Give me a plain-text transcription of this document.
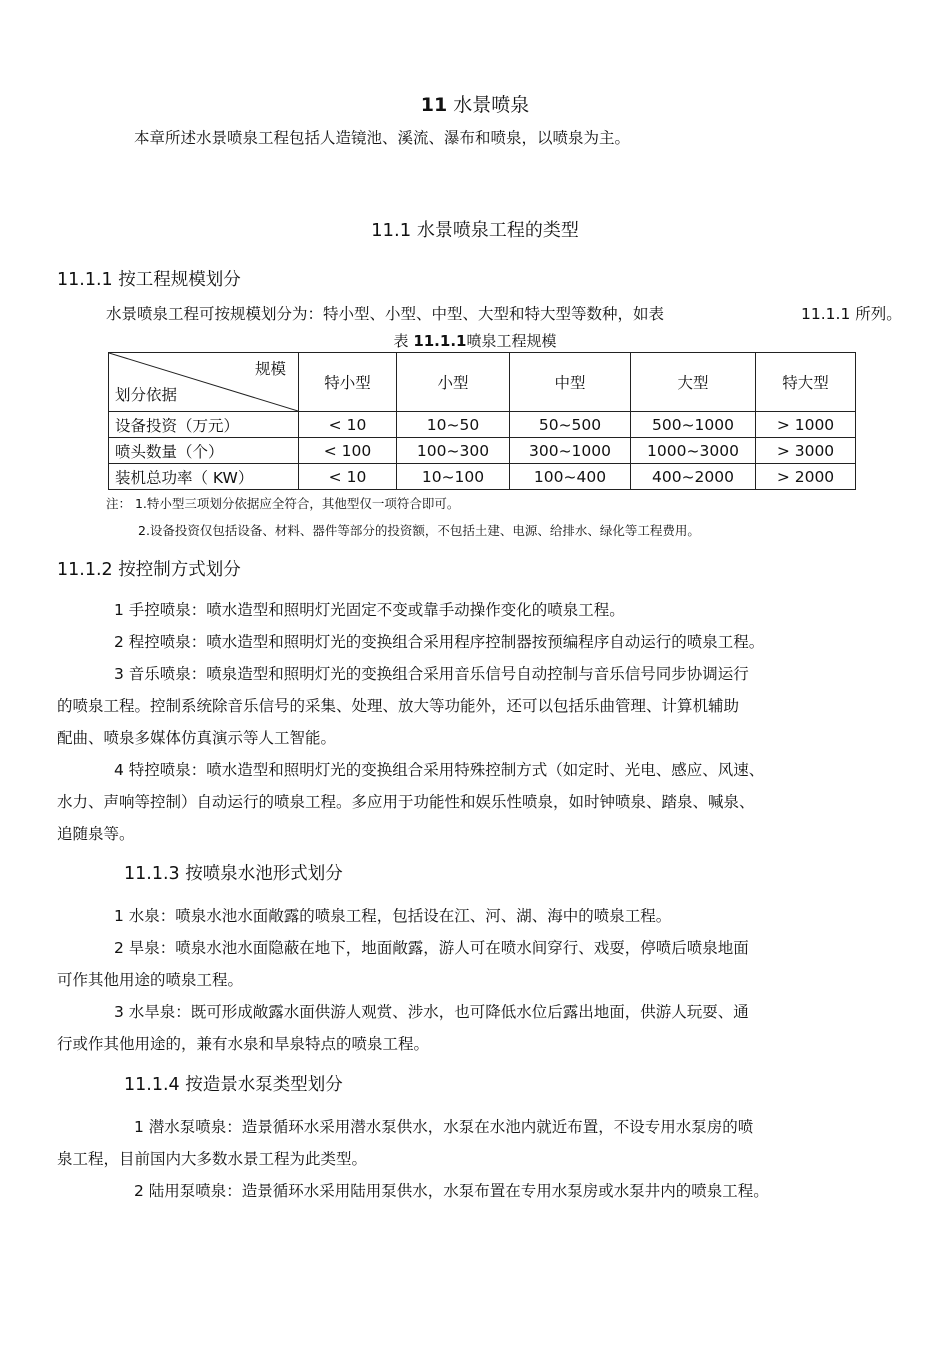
11 水景喷泉
本章所述水景喷泉工程包括人造镜池、溪流、瀑布和喷泉，以喷泉为主。
11.1 水景喷泉工程的类型
11.1.1 按工程规模划分
水景喷泉工程可按规模划分为：特小型、小型、中型、大型和特大型等数种，如表	11.1.1 所列。
表 11.1.1喷泉工程规模
规模
划分依据	特小型	小型	中型	大型	特大型
设备投资（万元）	< 10	10~50	50~500	500~1000	> 1000
喷头数量（个）	< 100	100~300	300~1000	1000~3000	> 3000
装机总功率（ KW）	< 10	10~100	100~400	400~2000	> 2000
注： 1.特小型三项划分依据应全符合，其他型仅一项符合即可。
2.设备投资仅包括设备、材料、器件等部分的投资额，不包括土建、电源、给排水、绿化等工程费用。
11.1.2 按控制方式划分
1 手控喷泉：喷水造型和照明灯光固定不变或靠手动操作变化的喷泉工程。
2 程控喷泉：喷水造型和照明灯光的变换组合采用程序控制器按预编程序自动运行的喷泉工程。
3 音乐喷泉：喷泉造型和照明灯光的变换组合采用音乐信号自动控制与音乐信号同步协调运行
的喷泉工程。控制系统除音乐信号的采集、处理、放大等功能外，还可以包括乐曲管理、计算机辅助
配曲、喷泉多媒体仿真演示等人工智能。
4 特控喷泉：喷水造型和照明灯光的变换组合采用特殊控制方式（如定时、光电、感应、风速、
水力、声响等控制）自动运行的喷泉工程。多应用于功能性和娱乐性喷泉，如时钟喷泉、踏泉、喊泉、
追随泉等。
11.1.3 按喷泉水池形式划分
1 水泉：喷泉水池水面敞露的喷泉工程，包括设在江、河、湖、海中的喷泉工程。
2 旱泉：喷泉水池水面隐蔽在地下，地面敞露，游人可在喷水间穿行、戏耍，停喷后喷泉地面
可作其他用途的喷泉工程。
3 水旱泉：既可形成敞露水面供游人观赏、涉水，也可降低水位后露出地面，供游人玩耍、通
行或作其他用途的，兼有水泉和旱泉特点的喷泉工程。
11.1.4 按造景水泵类型划分
1 潜水泵喷泉：造景循环水采用潜水泵供水，水泵在水池内就近布置，不设专用水泵房的喷
泉工程，目前国内大多数水景工程为此类型。
2 陆用泵喷泉：造景循环水采用陆用泵供水，水泵布置在专用水泵房或水泵井内的喷泉工程。
